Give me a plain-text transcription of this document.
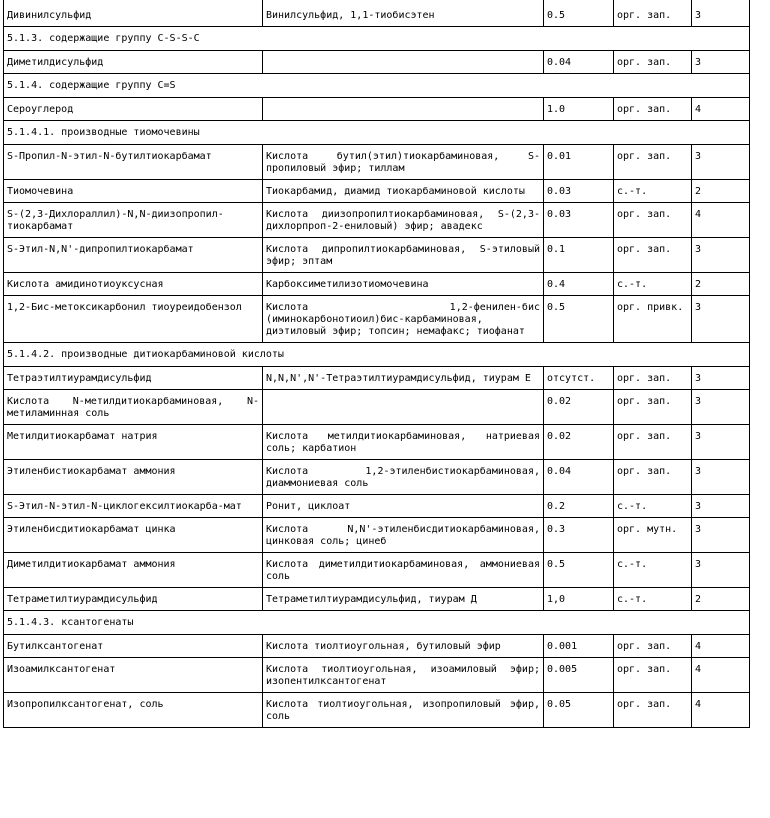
Дивинилсульфид	Винилсульфид, 1,1-тиобисэтен	0.5	орг. зап.	3
5.1.3. содержащие группу C-S-S-C				
Диметилдисульфид		0.04	орг. зап.	3
5.1.4. содержащие группу C=S				
Сероуглерод		1.0	орг. зап.	4
5.1.4.1. производные тиомочевины				
S-Пропил-N-этил-N-бутилтиокарбамат	Кислота бутил(этил)тиокарбаминовая, S-пропиловый эфир; тиллам	0.01	орг. зап.	3
Тиомочевина	Тиокарбамид, диамид тиокарбаминовой кислоты	0.03	с.-т.	2
S-(2,3-Дихлораллил)-N,N-диизопропил-тиокарбамат	Кислота диизопропилтиокарбаминовая, S-(2,3-дихлорпроп-2-ениловый) эфир; авадекс	0.03	орг. зап.	4
S-Этил-N,N'-дипропилтиокарбамат	Кислота дипропилтиокарбаминовая, S-этиловый эфир; эптам	0.1	орг. зап.	3
Кислота амидинотиоуксусная	Карбоксиметилизотиомочевина	0.4	с.-т.	2
1,2-Бис-метоксикарбонил тиоуреидобензол	Кислота 1,2-фенилен-бис (иминокарбонотиоил)бис-карбаминовая, диэтиловый эфир; топсин; немафакс; тиофанат	0.5	орг. привк.	3
5.1.4.2. производные дитиокарбаминовой кислоты				
Тетраэтилтиурамдисульфид	N,N,N',N'-Тетраэтилтиурамдисульфид, тиурам Е	отсутст.	орг. зап.	3
Кислота N-метилдитиокарбаминовая, N-метиламинная соль		0.02	орг. зап.	3
Метилдитиокарбамат натрия	Кислота метилдитиокарбаминовая, натриевая соль; карбатион	0.02	орг. зап.	3
Этиленбистиокарбамат аммония	Кислота 1,2-этиленбистиокарбаминовая, диаммониевая соль	0.04	орг. зап.	3
S-Этил-N-этил-N-циклогексилтиокарба-мат	Ронит, циклоат	0.2	с.-т.	3
Этиленбисдитиокарбамат цинка	Кислота N,N'-этиленбисдитиокарбаминовая, цинковая соль; цинеб	0.3	орг. мутн.	3
Диметилдитиокарбамат аммония	Кислота диметилдитиокарбаминовая, аммониевая соль	0.5	с.-т.	3
Тетраметилтиурамдисульфид	Тетраметилтиурамдисульфид, тиурам Д	1,0	с.-т.	2
5.1.4.3. ксантогенаты				
Бутилксантогенат	Кислота тиолтиоугольная, бутиловый эфир	0.001	орг. зап.	4
Изоамилксантогенат	Кислота тиолтиоугольная, изоамиловый эфир; изопентилксантогенат	0.005	орг. зап.	4
Изопропилксантогенат, соль	Кислота тиолтиоугольная, изопропиловый эфир, соль	0.05	орг. зап.	4
